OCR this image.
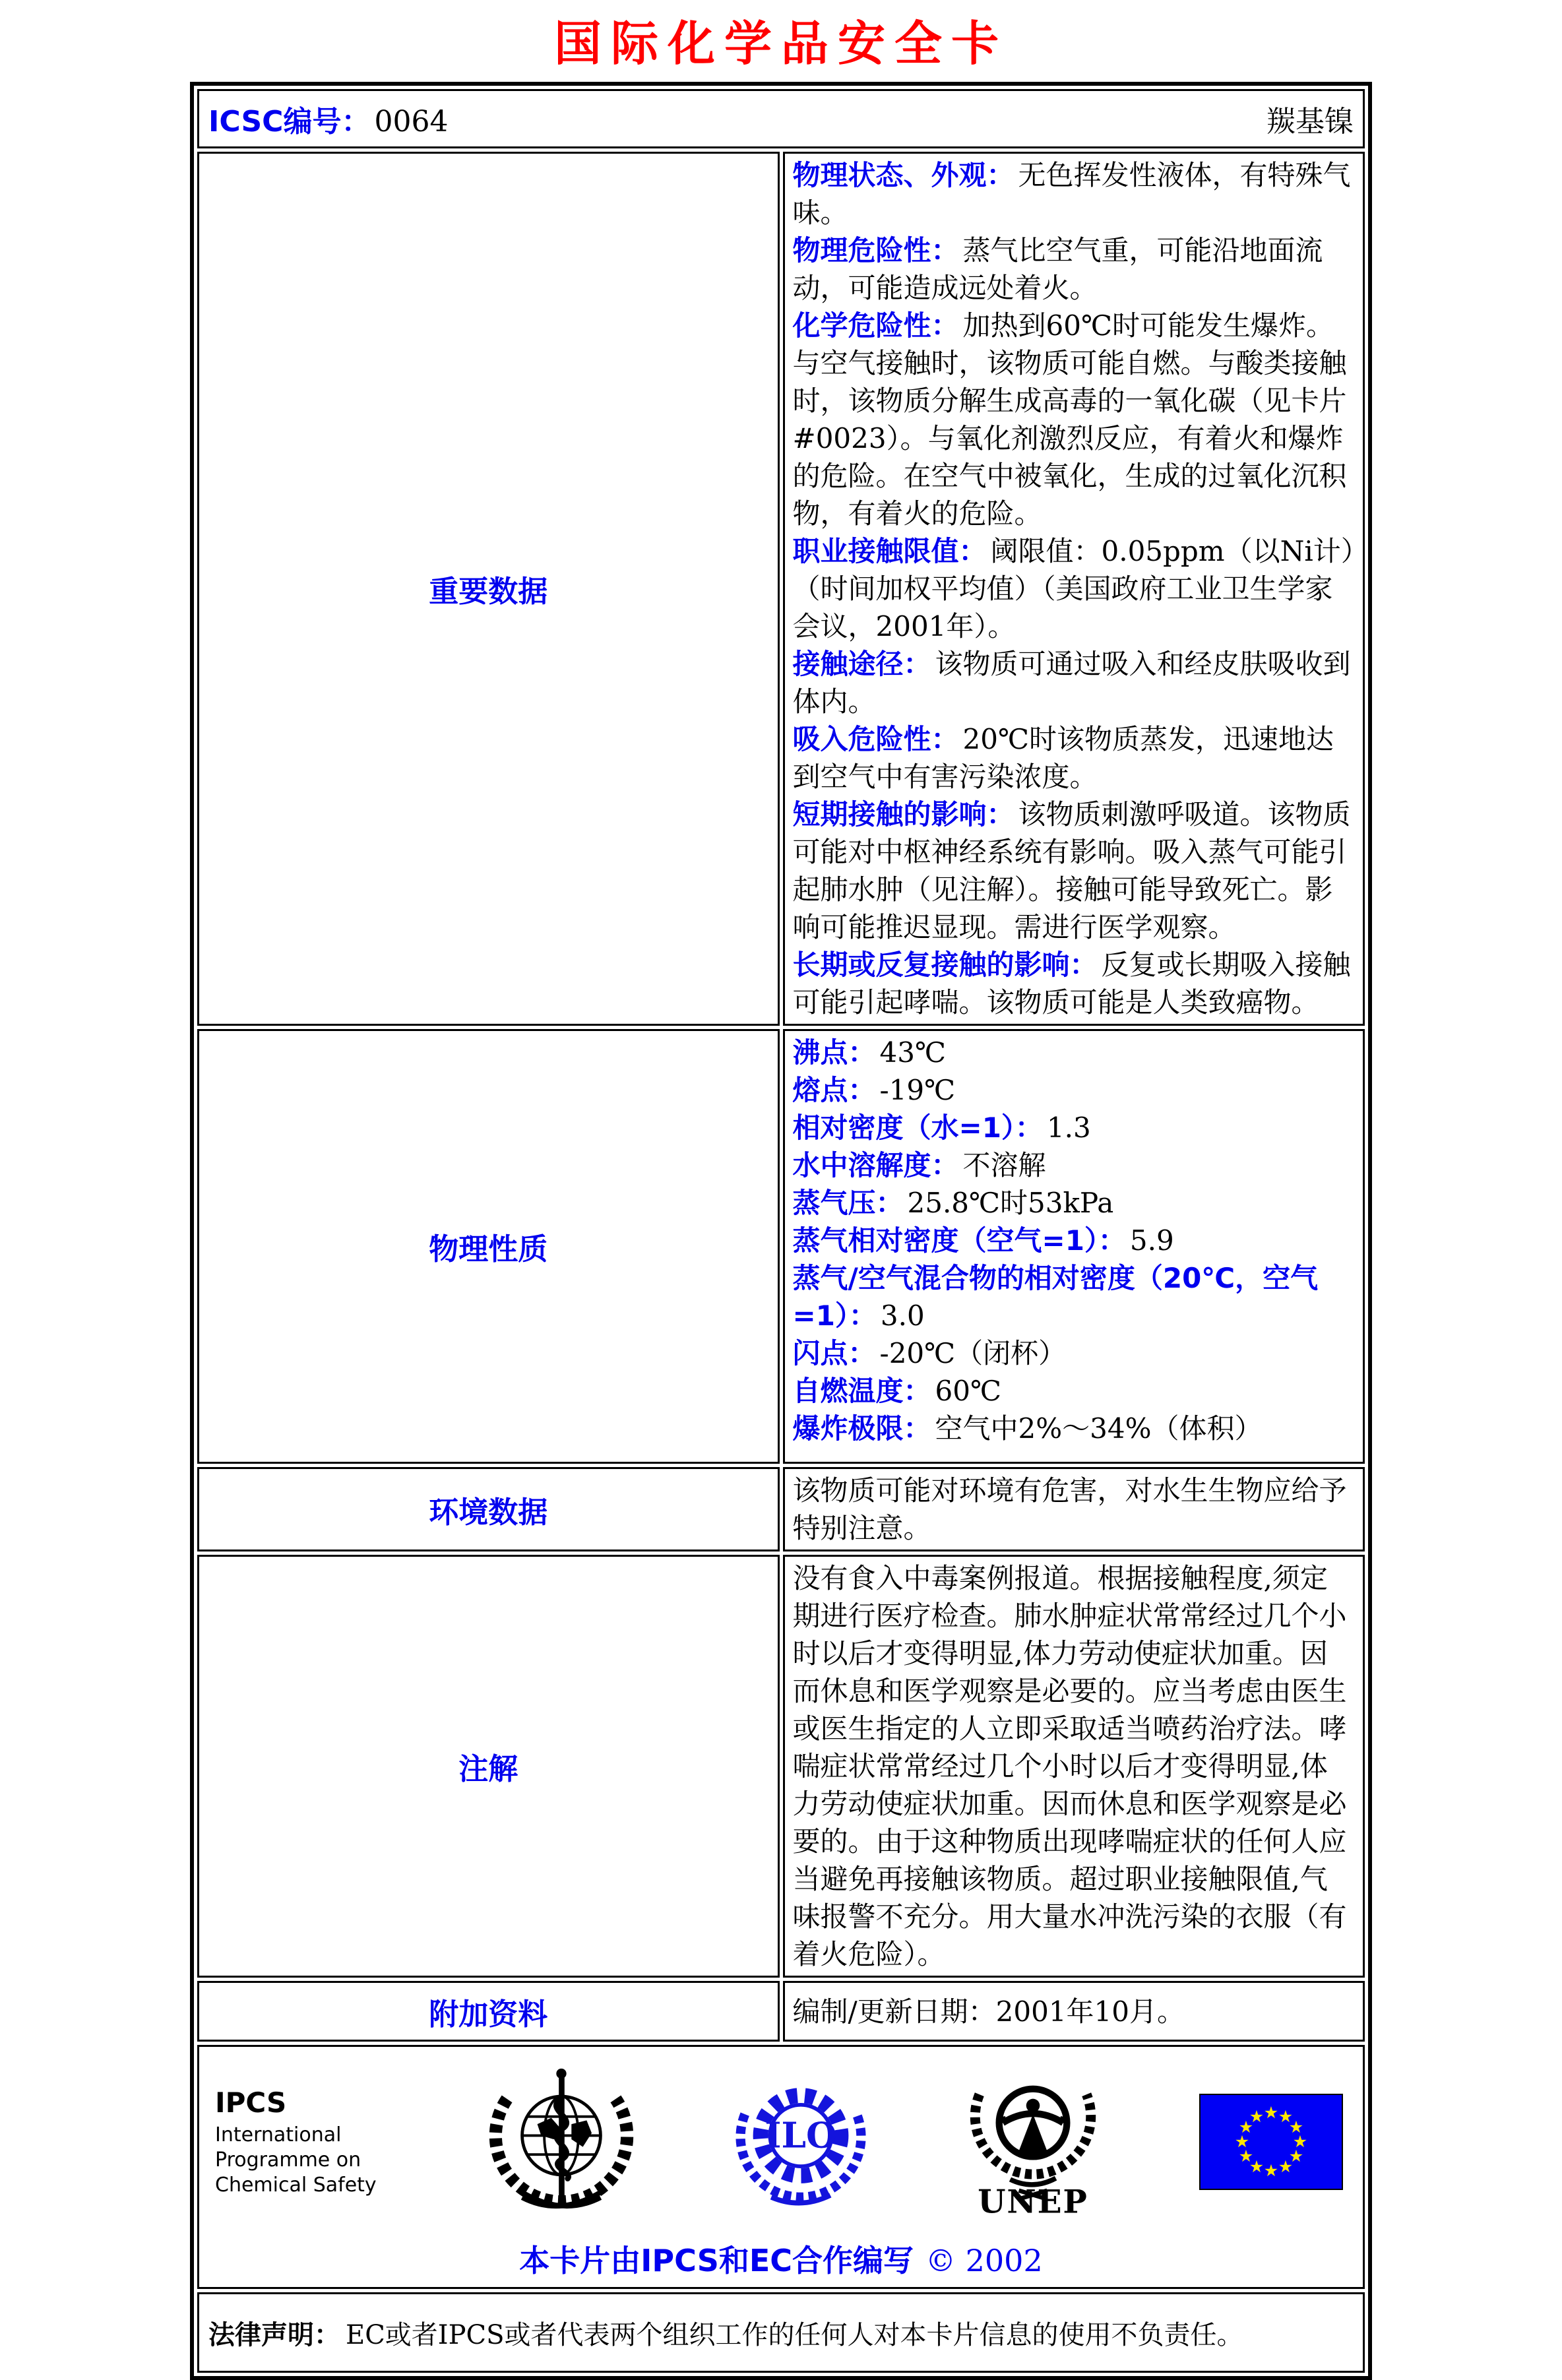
国际化学品安全卡
ICSC编号： 0064 羰基镍	

重要数据	
物理状态、外观： 无色挥发性液体，有特殊气味。
物理危险性： 蒸气比空气重，可能沿地面流动，可能造成远处着火。
化学危险性： 加热到60℃时可能发生爆炸。与空气接触时，该物质可能自燃。与酸类接触时，该物质分解生成高毒的一氧化碳（见卡片#0023）。与氧化剂激烈反应，有着火和爆炸的危险。在空气中被氧化，生成的过氧化沉积物，有着火的危险。
职业接触限值： 阈限值：0.05ppm（以Ni计）（时间加权平均值）（美国政府工业卫生学家会议，2001年）。
接触途径： 该物质可通过吸入和经皮肤吸收到体内。
吸入危险性： 20℃时该物质蒸发，迅速地达到空气中有害污染浓度。
短期接触的影响： 该物质刺激呼吸道。该物质可能对中枢神经系统有影响。吸入蒸气可能引起肺水肿（见注解）。接触可能导致死亡。影响可能推迟显现。需进行医学观察。
长期或反复接触的影响： 反复或长期吸入接触可能引起哮喘。该物质可能是人类致癌物。

物理性质	
沸点： 43℃
熔点： -19℃
相对密度（水=1）： 1.3
水中溶解度： 不溶解
蒸气压： 25.8℃时53kPa
蒸气相对密度（空气=1）： 5.9
蒸气/空气混合物的相对密度（20℃，空气=1）： 3.0
闪点： -20℃（闭杯）
自燃温度： 60℃
爆炸极限： 空气中2%～34%（体积）

环境数据	该物质可能对环境有危害，对水生生物应给予特别注意。

注解	没有食入中毒案例报道。根据接触程度,须定期进行医疗检查。肺水肿症状常常经过几个小时以后才变得明显,体力劳动使症状加重。因而休息和医学观察是必要的。应当考虑由医生或医生指定的人立即采取适当喷药治疗法。哮喘症状常常经过几个小时以后才变得明显,体力劳动使症状加重。因而休息和医学观察是必要的。由于这种物质出现哮喘症状的任何人应当避免再接触该物质。超过职业接触限值,气味报警不充分。用大量水冲洗污染的衣服（有着火危险）。

附加资料	编制/更新日期：2001年10月。

IPCS
International
Programme on
Chemical Safety
ILO
UNEP
★ ★
★
★
★
★
★
★
★
★
★
★
本卡片由IPCS和EC合作编写 © 2002

法律声明： EC或者IPCS或者代表两个组织工作的任何人对本卡片信息的使用不负责任。	
